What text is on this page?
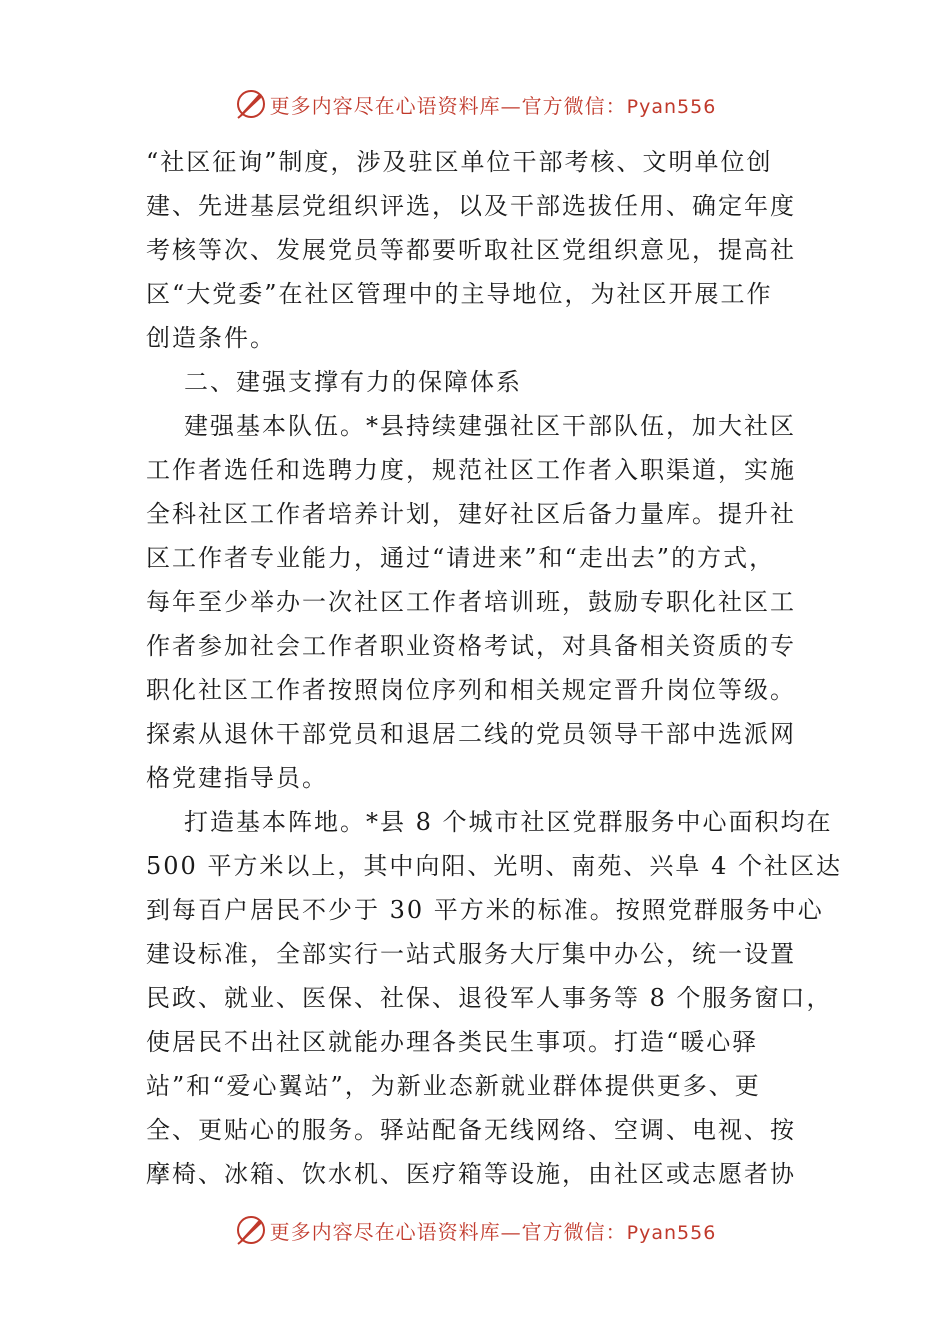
更多内容尽在心语资料库—官方微信：Pyan556
“社区征询”制度，涉及驻区单位干部考核、文明单位创
建、先进基层党组织评选，以及干部选拔任用、确定年度
考核等次、发展党员等都要听取社区党组织意见，提高社
区“大党委”在社区管理中的主导地位，为社区开展工作
创造条件。
二、建强支撑有力的保障体系
建强基本队伍。*县持续建强社区干部队伍，加大社区
工作者选任和选聘力度，规范社区工作者入职渠道，实施
全科社区工作者培养计划，建好社区后备力量库。提升社
区工作者专业能力，通过“请进来”和“走出去”的方式，
每年至少举办一次社区工作者培训班，鼓励专职化社区工
作者参加社会工作者职业资格考试，对具备相关资质的专
职化社区工作者按照岗位序列和相关规定晋升岗位等级。
探索从退休干部党员和退居二线的党员领导干部中选派网
格党建指导员。
打造基本阵地。*县 8 个城市社区党群服务中心面积均在
500 平方米以上，其中向阳、光明、南苑、兴阜 4 个社区达
到每百户居民不少于 30 平方米的标准。按照党群服务中心
建设标准，全部实行一站式服务大厅集中办公，统一设置
民政、就业、医保、社保、退役军人事务等 8 个服务窗口，
使居民不出社区就能办理各类民生事项。打造“暖心驿
站”和“爱心翼站”，为新业态新就业群体提供更多、更
全、更贴心的服务。驿站配备无线网络、空调、电视、按
摩椅、冰箱、饮水机、医疗箱等设施，由社区或志愿者协
更多内容尽在心语资料库—官方微信：Pyan556
